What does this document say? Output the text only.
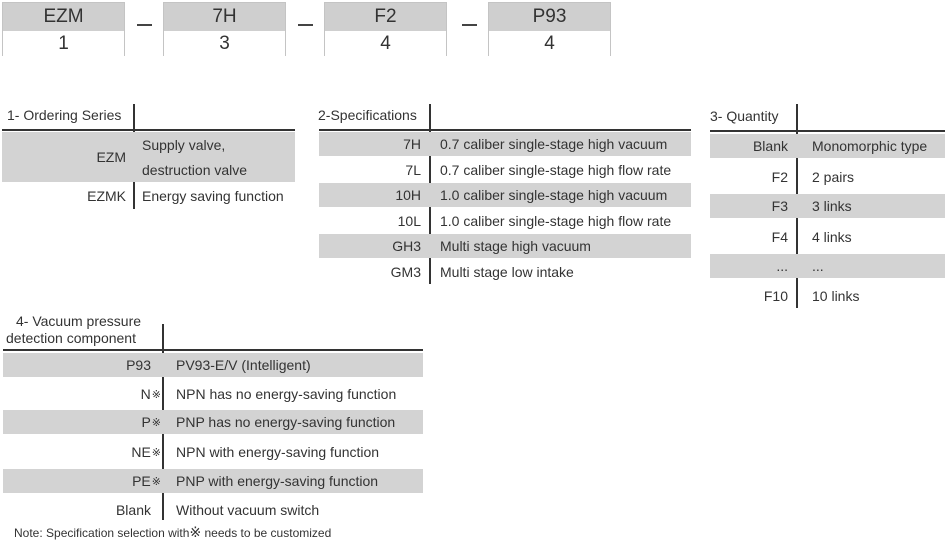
EZM
1
7H
3
F2
4
P93
4
1- Ordering Series
EZM
Supply valve,
destruction valve
EZMK Energy saving function
2-Specifications
7H 0.7 caliber single-stage high vacuum
7L 0.7 caliber single-stage high flow rate
10H 1.0 caliber single-stage high vacuum
10L 1.0 caliber single-stage high flow rate
GH3 Multi stage high vacuum
GM3 Multi stage low intake
3- Quantity
Blank Monomorphic type
F2 2 pairs
F3 3 links
F4 4 links
... ...
F10 10 links
4- Vacuum pressure
detection component
P93 PV93-E/V (Intelligent)
N ※ NPN has no energy-saving function
P ※ PNP has no energy-saving function
NE ※ NPN with energy-saving function
PE ※ PNP with energy-saving function
Blank Without vacuum switch
Note: Specification selection with※ needs to be customized
